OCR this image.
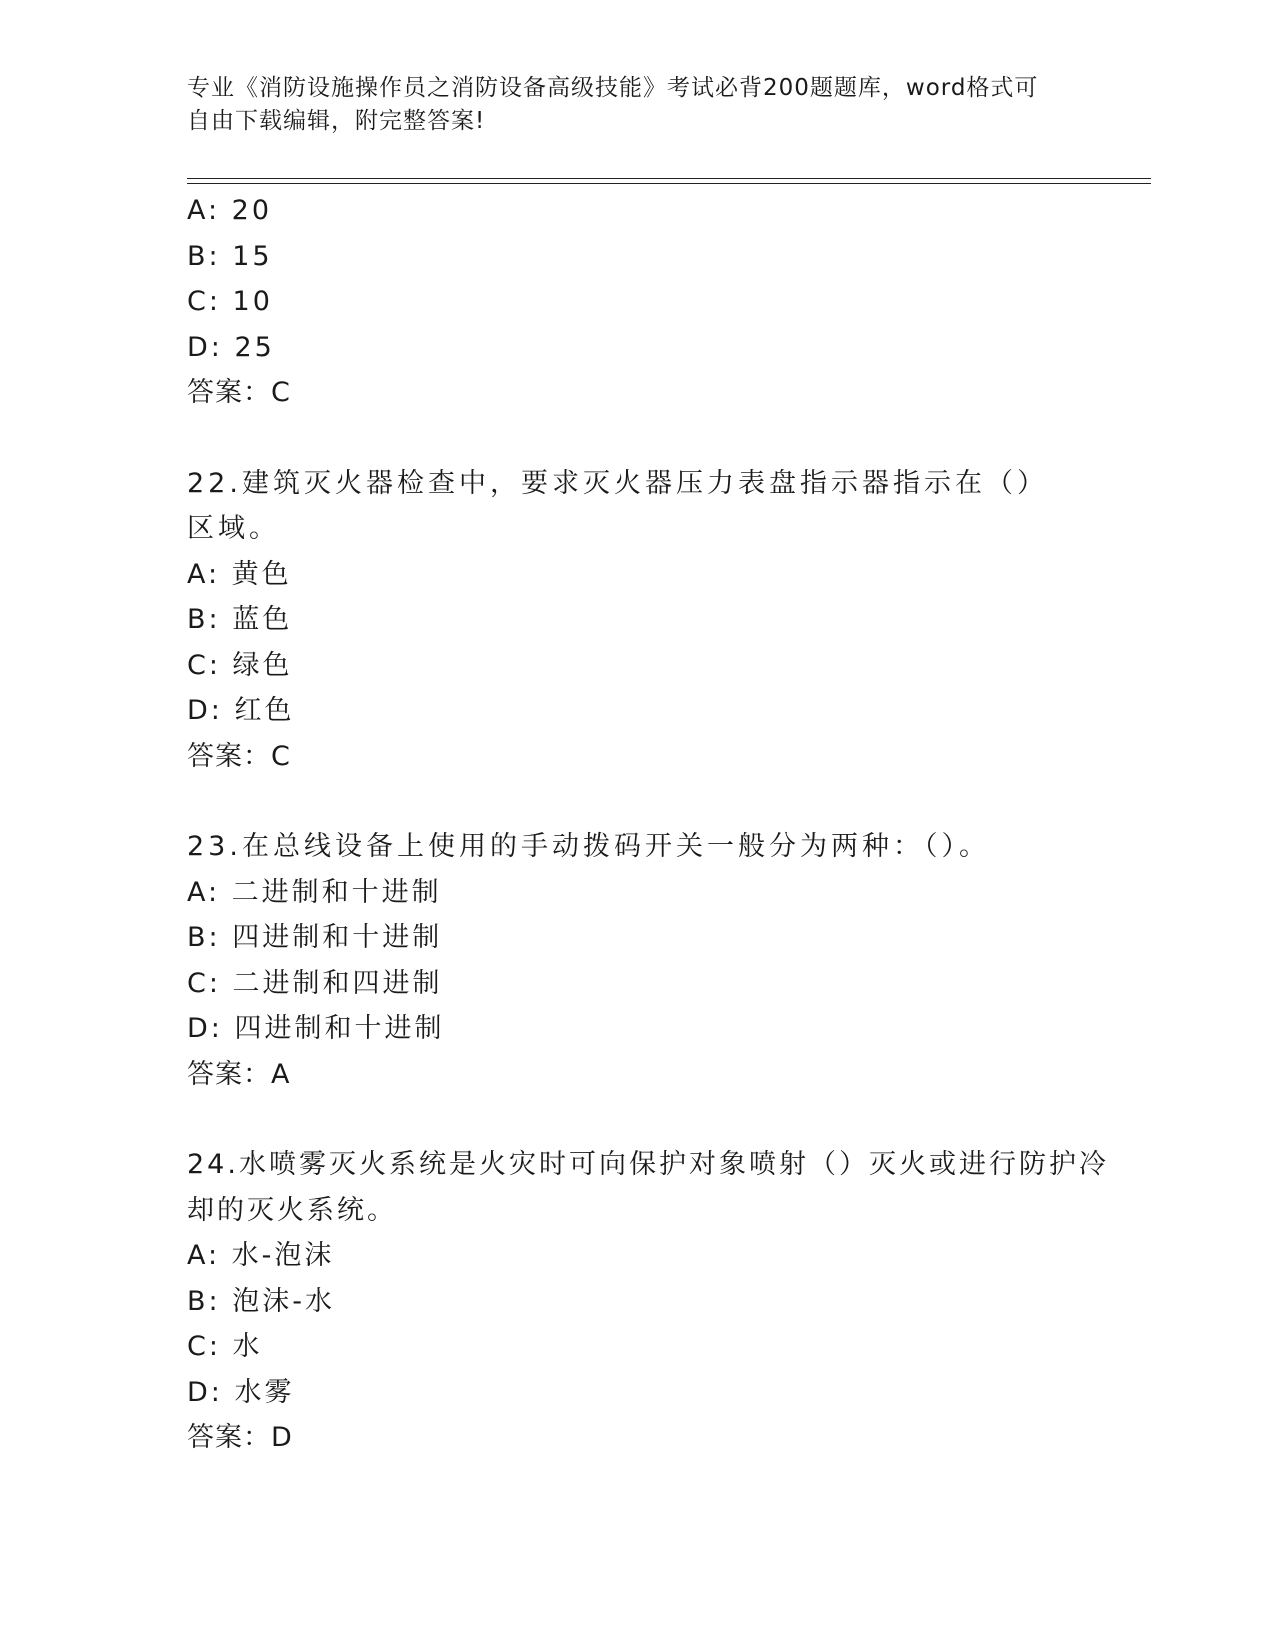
专业《消防设施操作员之消防设备高级技能》考试必背200题题库，word格式可
自由下载编辑，附完整答案!
A: 20
B: 15
C: 10
D: 25
答案：C
22.建筑灭火器检查中，要求灭火器压力表盘指示器指示在（）区域。
A: 黄色
B: 蓝色
C: 绿色
D: 红色
答案：C
23.在总线设备上使用的手动拨码开关一般分为两种：（）。
A: 二进制和十进制
B: 四进制和十进制
C: 二进制和四进制
D: 四进制和十进制
答案：A
24.水喷雾灭火系统是火灾时可向保护对象喷射（）灭火或进行防护冷
却的灭火系统。
A: 水-泡沫
B: 泡沫-水
C: 水
D: 水雾
答案：D
